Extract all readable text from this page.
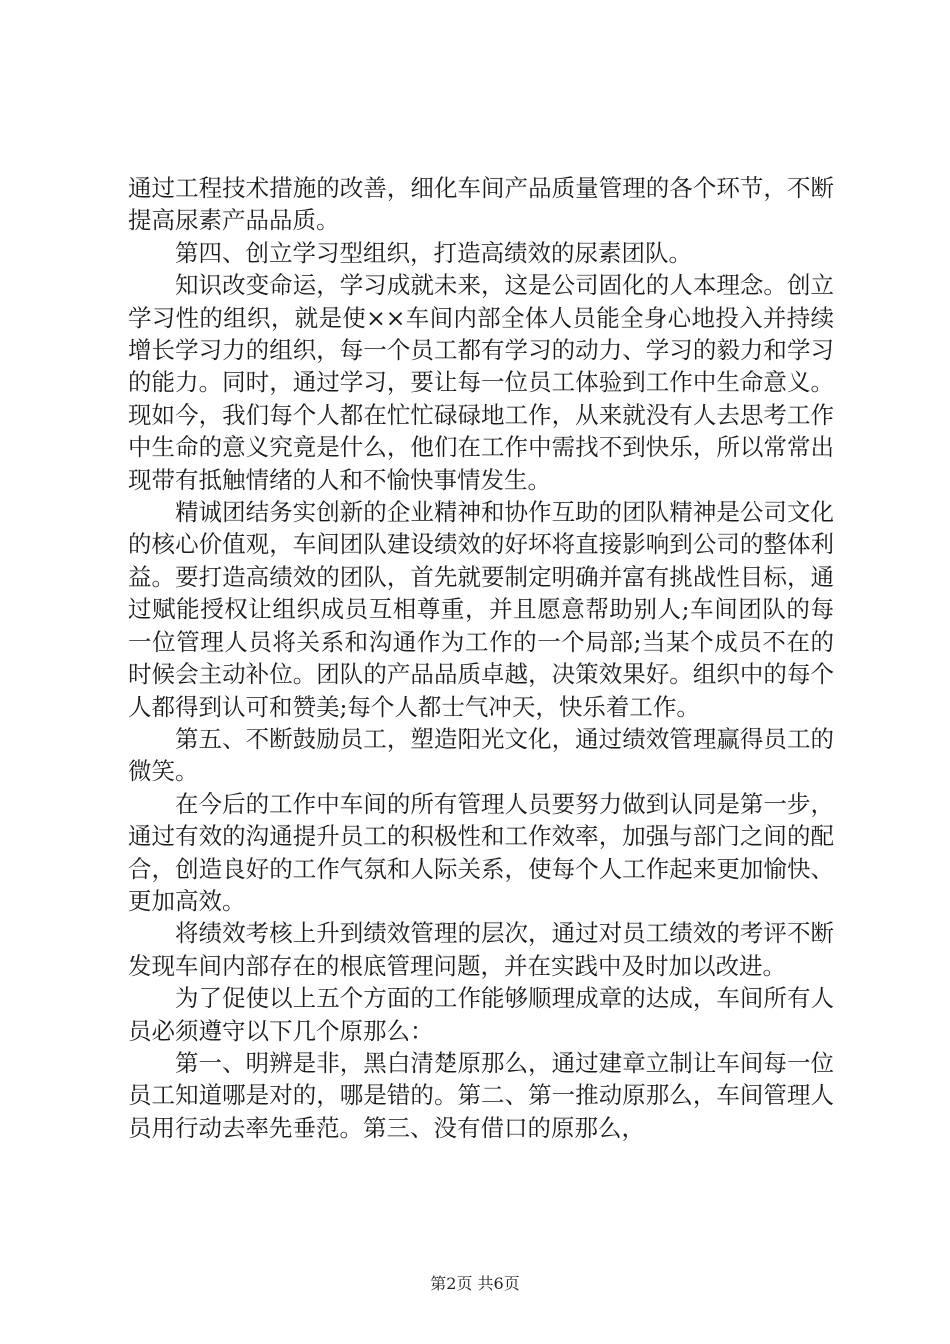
通过工程技术措施的改善，细化车间产品质量管理的各个环节，不断提高尿素产品品质。

第四、创立学习型组织，打造高绩效的尿素团队。

知识改变命运，学习成就未来，这是公司固化的人本理念。创立学习性的组织，就是使××车间内部全体人员能全身心地投入并持续增长学习力的组织，每一个员工都有学习的动力、学习的毅力和学习的能力。同时，通过学习，要让每一位员工体验到工作中生命意义。现如今，我们每个人都在忙忙碌碌地工作，从来就没有人去思考工作中生命的意义究竟是什么，他们在工作中需找不到快乐，所以常常出现带有抵触情绪的人和不愉快事情发生。

精诚团结务实创新的企业精神和协作互助的团队精神是公司文化的核心价值观，车间团队建设绩效的好坏将直接影响到公司的整体利益。要打造高绩效的团队，首先就要制定明确并富有挑战性目标，通过赋能授权让组织成员互相尊重，并且愿意帮助别人;车间团队的每一位管理人员将关系和沟通作为工作的一个局部;当某个成员不在的时候会主动补位。团队的产品品质卓越，决策效果好。组织中的每个人都得到认可和赞美;每个人都士气冲天，快乐着工作。

第五、不断鼓励员工，塑造阳光文化，通过绩效管理赢得员工的微笑。

在今后的工作中车间的所有管理人员要努力做到认同是第一步，通过有效的沟通提升员工的积极性和工作效率，加强与部门之间的配合，创造良好的工作气氛和人际关系，使每个人工作起来更加愉快、更加高效。

将绩效考核上升到绩效管理的层次，通过对员工绩效的考评不断发现车间内部存在的根底管理问题，并在实践中及时加以改进。

为了促使以上五个方面的工作能够顺理成章的达成，车间所有人员必须遵守以下几个原那么：

第一、明辨是非，黑白清楚原那么，通过建章立制让车间每一位员工知道哪是对的，哪是错的。第二、第一推动原那么，车间管理人员用行动去率先垂范。第三、没有借口的原那么，

第2页 共6页
